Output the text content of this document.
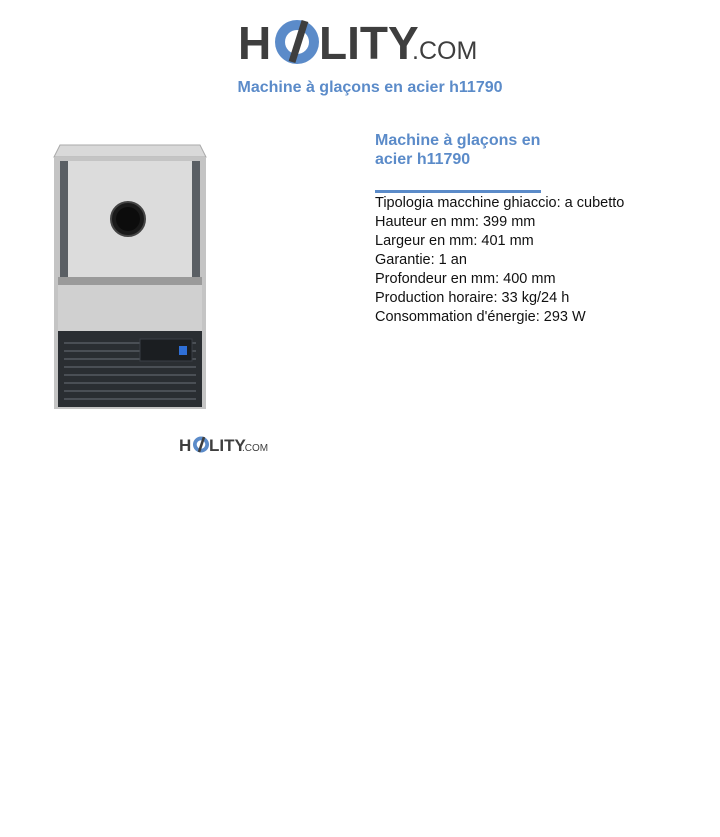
H LITY
.COM
Machine à glaçons en acier h11790
H LITY
.COM
Machine à glaçons en acier h11790
Tipologia macchine ghiaccio: a cubetto
Hauteur en mm: 399 mm
Largeur en mm: 401 mm
Garantie: 1 an
Profondeur en mm: 400 mm
Production horaire: 33 kg/24 h
Consommation d'énergie: 293 W
